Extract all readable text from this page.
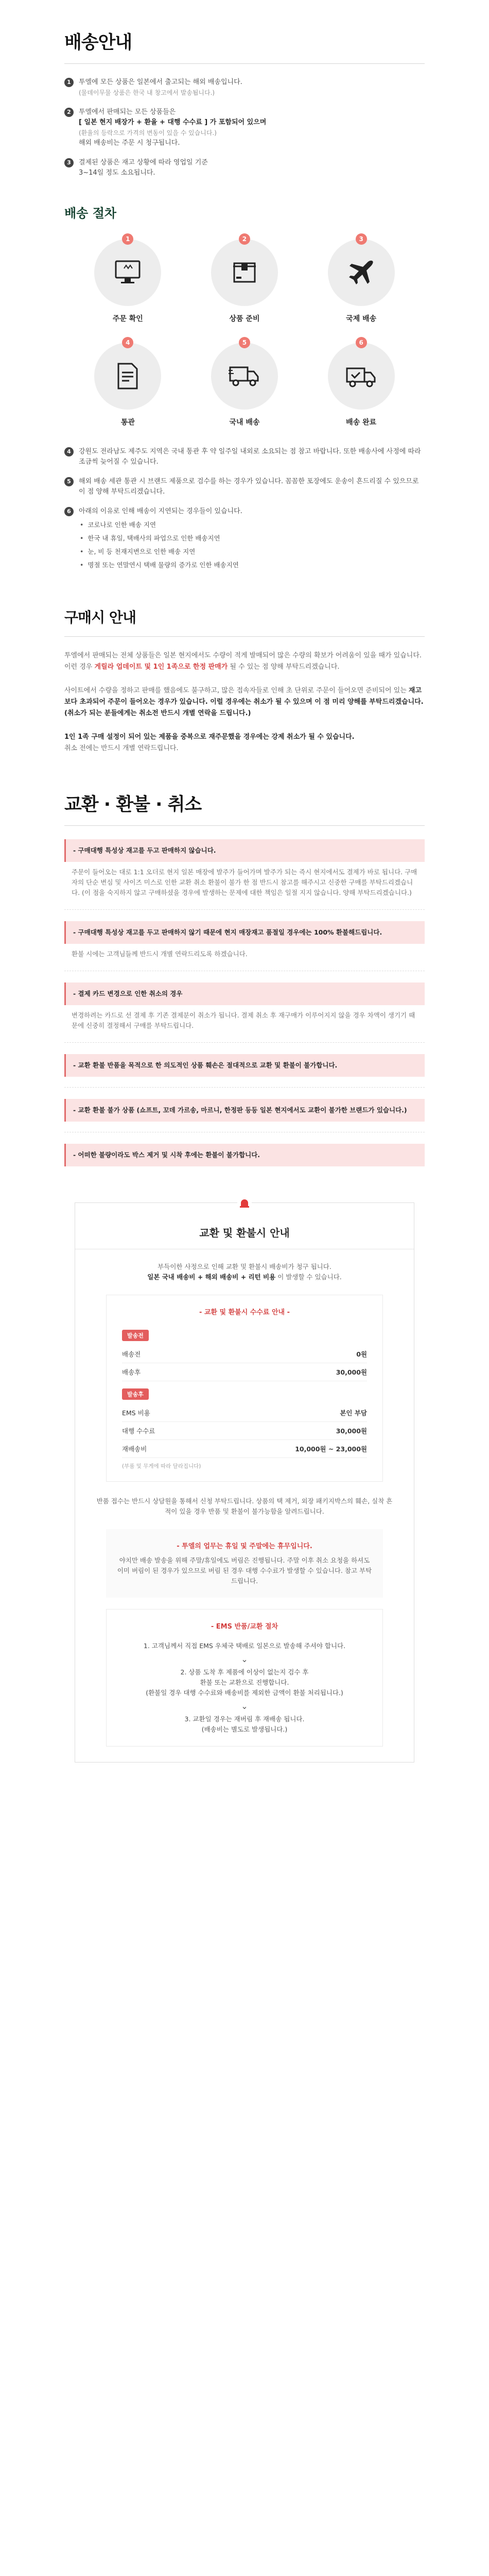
배송안내
1	투엘에 모든 상품은 일본에서 출고되는 해외 배송입니다.
(물데이무물 상품은 한국 내 창고에서 발송됩니다.)
2	투엘에서 판매되는 모든 상품들은
[ 일본 현지 배장가 + 환율 + 대행 수수료 ] 가 포함되어 있으며
(환율의 등락으로 가격의 변동이 있을 수 있습니다.)
해외 배송비는 주문 시 청구됩니다.
3	결제된 상품은 재고 상황에 따라 영업일 기준
3~14일 정도 소요됩니다.
배송 절차
1
주문 확인
2
상품 준비
3
국제 배송
4
통관
5
국내 배송
6
배송 완료
4	강원도 전라남도 제주도 지역은 국내 통관 후 약 일주일 내외로 소요되는 점 참고 바랍니다. 또한 배송사에 사정에 따라 조금씩 늦어질 수 있습니다.
5	해외 배송 세관 통관 시 브랜드 제품으로 검수를 하는 경우가 있습니다. 꼼꼼한 포장에도 운송이 흔드리질 수 있으므로 이 점 양해 부탁드리겠습니다.
6	아래의 이유로 인해 배송이 지연되는 경우들이 있습니다.
• 코로나로 인한 배송 지연
• 한국 내 휴일, 택배사의 파업으로 인한 배송지연
• 눈, 비 등 천재지변으로 인한 배송 지연
• 명절 또는 연말연시 택배 물량의 증가로 인한 배송지연
구매시 안내

투엘에서 판매되는 전체 상품들은 일본 현지에서도 수량이 적게 발매되어 많은 수량의 확보가 어려움이 있을 때가 있습니다. 이런 경우 게릴라 업데이트 및 1인 1족으로 한정 판매가 될 수 있는 점 양해 부탁드리겠습니다.

사이트에서 수량을 정하고 판매를 했음에도 불구하고, 많은 접속자들로 인해 초 단위로 주문이 들어오면 준비되어 있는 재고보다 초과되어 주문이 들어오는 경우가 있습니다. 이럴 경우에는 취소가 될 수 있으며 이 점 미리 양해를 부탁드리겠습니다. (취소가 되는 분들에게는 취소전 반드시 개별 연락을 드립니다.)

1인 1족 구매 설정이 되어 있는 제품을 중복으로 재주문했을 경우에는 강제 취소가 될 수 있습니다.
취소 전에는 반드시 개별 연락드립니다.

교환 · 환불 · 취소
- 구매대행 특성상 재고를 두고 판매하지 않습니다.

주문이 들어오는 대로 1:1 오더로 현지 일본 매장에 발주가 들어가며 발주가 되는 즉시 현지에서도 결제가 바로 됩니다. 구매자의 단순 변심 및 사이즈 미스로 인한 교환 취소 환불이 불가 한 점 반드시 참고를 해주시고 신중한 구매를 부탁드리겠습니다. (이 점을 숙지하지 않고 구매하셨을 경우에 발생하는 문제에 대한 책임은 일절 지지 않습니다. 양해 부탁드리겠습니다.)

- 구매대행 특성상 재고를 두고 판매하지 않기 때문에 현지 매장재고 품절일 경우에는 100% 환불해드립니다.

환불 시에는 고객님들께 반드시 개별 연락드리도록 하겠습니다.

- 결제 카드 변경으로 인한 취소의 경우

변경하려는 카드로 선 결제 후 기존 결제분이 취소가 됩니다. 결제 취소 후 재구매가 이루어지지 않을 경우 차액이 생기기 때문에 신중히 결정해서 구매를 부탁드립니다.

- 교환 환불 반품을 목적으로 한 의도적인 상품 훼손은 절대적으로 교환 및 환불이 불가합니다.
- 교환 환불 불가 상품 (쇼프트, 꼬데 가르송, 마르니, 한정판 등등 일본 현지에서도 교환이 불가한 브랜드가 있습니다.)
- 어떠한 불량이라도 박스 제거 및 시착 후에는 환불이 불가합니다.
교환 및 환불시 안내

부득이한 사정으로 인해 교환 및 환불시 배송비가 청구 됩니다.
일본 국내 배송비 + 해외 배송비 + 리턴 비용 이 발생할 수 있습니다.

- 교환 및 환불시 수수료 안내 -
발송전
배송전	0원
배송후	30,000원
발송후
EMS 비용	본인 부담
대행 수수료	30,000원
재배송비	10,000원 ~ 23,000원
(부품 및 무게에 따라 달라집니다)

반품 접수는 반드시 상담원을 통해서 신청 부탁드립니다. 상품의 택 제거, 외장 패키지박스의 훼손, 실착 흔적이 있을 경우 반품 및 환불이 불가능함을 알려드립니다.

- 투엘의 업무는 휴일 및 주말에는 휴무입니다.

야치만 배송 발송을 위해 주말/휴일에도 버림은 진행됩니다. 주말 이후 취소 요청을 하셔도 이미 버림이 된 경우가 있으므로 버림 된 경우 대행 수수료가 발생할 수 있습니다. 참고 부탁드립니다.

- EMS 반품/교환 절차

1. 고객님께서 직접 EMS 우체국 택배로 일본으로 발송해 주셔야 합니다.

⌄

2. 상품 도착 후 제품에 이상이 없는지 검수 후

환불 또는 교환으로 진행합니다.

(환불일 경우 대행 수수료와 배송비를 제외한 금액이 환불 처리됩니다.)

⌄

3. 교환일 경우는 재버림 후 재배송 됩니다.

(배송비는 별도로 발생됩니다.)
